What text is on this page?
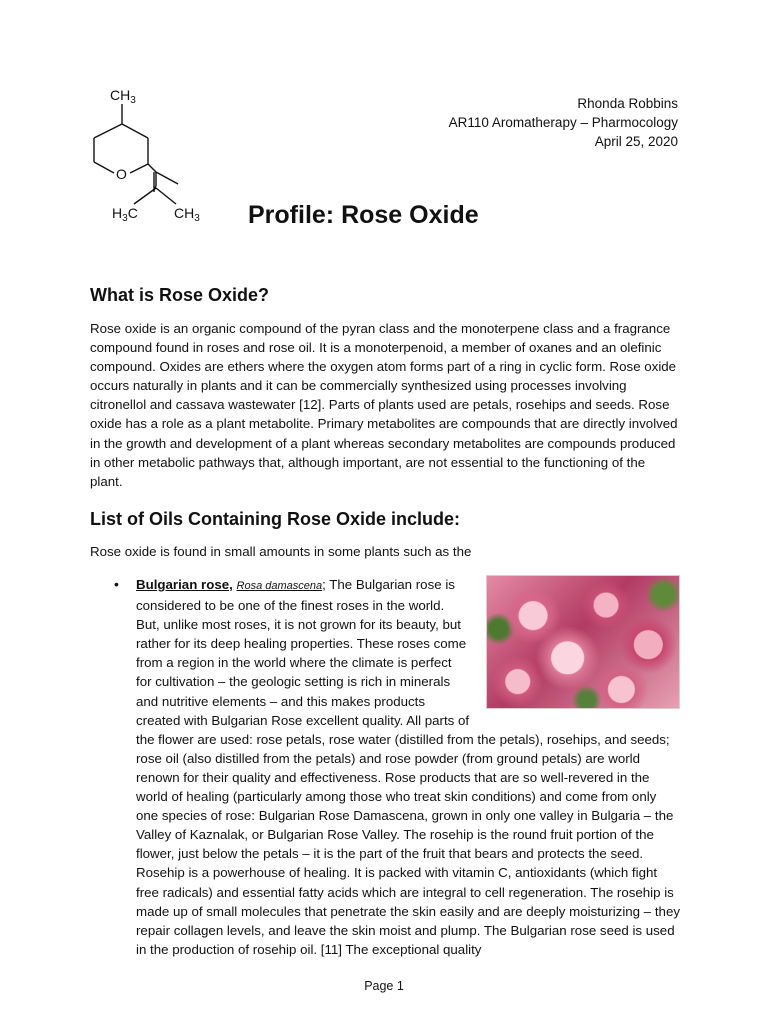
$CH_3$
O
$H_3C$	$CH_3$
Rhonda Robbins
AR110 Aromatherapy – Pharmocology
April 25, 2020
Profile: Rose Oxide
What is Rose Oxide?

Rose oxide is an organic compound of the pyran class and the monoterpene class and a fragrance compound found in roses and rose oil. It is a monoterpenoid, a member of oxanes and an olefinic compound. Oxides are ethers where the oxygen atom forms part of a ring in cyclic form. Rose oxide occurs naturally in plants and it can be commercially synthesized using processes involving citronellol and cassava wastewater [12]. Parts of plants used are petals, rosehips and seeds. Rose oxide has a role as a plant metabolite. Primary metabolites are compounds that are directly involved in the growth and development of a plant whereas secondary metabolites are compounds produced in other metabolic pathways that, although important, are not essential to the functioning of the plant.

List of Oils Containing Rose Oxide include:

Rose oxide is found in small amounts in some plants such as the

• Bulgarian rose, Rosa damascena; The Bulgarian rose is considered to be one of the finest roses in the world. But, unlike most roses, it is not grown for its beauty, but rather for its deep healing properties. These roses come from a region in the world where the climate is perfect for cultivation – the geologic setting is rich in minerals and nutritive elements – and this makes products created with Bulgarian Rose excellent quality. All parts of the flower are used: rose petals, rose water (distilled from the petals), rosehips, and seeds; rose oil (also distilled from the petals) and rose powder (from ground petals) are world renown for their quality and effectiveness. Rose products that are so well-revered in the world of healing (particularly among those who treat skin conditions) and come from only one species of rose: Bulgarian Rose Damascena, grown in only one valley in Bulgaria – the Valley of Kaznalak, or Bulgarian Rose Valley. The rosehip is the round fruit portion of the flower, just below the petals – it is the part of the fruit that bears and protects the seed. Rosehip is a powerhouse of healing. It is packed with vitamin C, antioxidants (which fight free radicals) and essential fatty acids which are integral to cell regeneration. The rosehip is made up of small molecules that penetrate the skin easily and are deeply moisturizing – they repair collagen levels, and leave the skin moist and plump. The Bulgarian rose seed is used in the production of rosehip oil. [11] The exceptional quality
Page 1
